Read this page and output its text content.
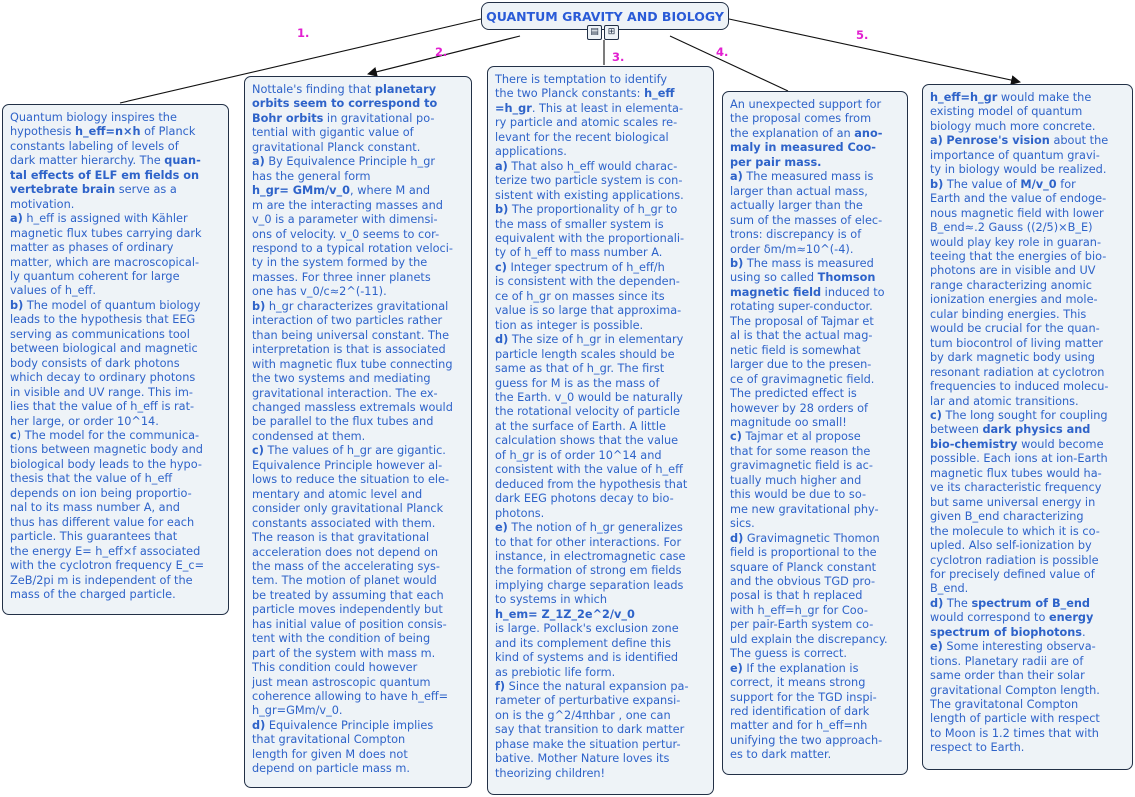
QUANTUM GRAVITY AND BIOLOGY
▤ ⊞
1.
2.	3.	4.
5.

Quantum biology inspires the

hypothesis h_eff=n×h of Planck

constants labeling of levels of

dark matter hierarchy. The quan-

tal effects of ELF em fields on

vertebrate brain serve as a

motivation.

a) h_eff is assigned with Kähler

magnetic flux tubes carrying dark

matter as phases of ordinary

matter, which are macroscopical-

ly quantum coherent for large

values of h_eff.

b) The model of quantum biology

leads to the hypothesis that EEG

serving as communications tool

between biological and magnetic

body consists of dark photons

which decay to ordinary photons

in visible and UV range. This im-

lies that the value of h_eff is rat-

her large, or order 10^14.

c) The model for the communica-

tions between magnetic body and

biological body leads to the hypo-

thesis that the value of h_eff

depends on ion being proportio-

nal to its mass number A, and

thus has different value for each

particle. This guarantees that

the energy E= h_eff×f associated

with the cyclotron frequency E_c=

ZeB/2pi m is independent of the

mass of the charged particle.

Nottale's finding that planetary

orbits seem to correspond to

Bohr orbits in gravitational po-

tential with gigantic value of

gravitational Planck constant.

a) By Equivalence Principle h_gr

has the general form

h_gr= GMm/v_0, where M and

m are the interacting masses and

v_0 is a parameter with dimensi-

ons of velocity. v_0 seems to cor-

respond to a typical rotation veloci-

ty in the system formed by the

masses. For three inner planets

one has v_0/c≈2^(-11).

b) h_gr characterizes gravitational

interaction of two particles rather

than being universal constant. The

interpretation is that is associated

with magnetic flux tube connecting

the two systems and mediating

gravitational interaction. The ex-

changed massless extremals would

be parallel to the flux tubes and

condensed at them.

c) The values of h_gr are gigantic.

Equivalence Principle however al-

lows to reduce the situation to ele-

mentary and atomic level and

consider only gravitational Planck

constants associated with them.

The reason is that gravitational

acceleration does not depend on

the mass of the accelerating sys-

tem. The motion of planet would

be treated by assuming that each

particle moves independently but

has initial value of position consis-

tent with the condition of being

part of the system with mass m.

This condition could however

just mean astroscopic quantum

coherence allowing to have h_eff=

h_gr=GMm/v_0.

d) Equivalence Principle implies

that gravitational Compton

length for given M does not

depend on particle mass m.

There is temptation to identify

the two Planck constants: h_eff

=h_gr. This at least in elementa-

ry particle and atomic scales re-

levant for the recent biological

applications.

a) That also h_eff would charac-

terize two particle system is con-

sistent with existing applications.

b) The proportionality of h_gr to

the mass of smaller system is

equivalent with the proportionali-

ty of h_eff to mass number A.

c) Integer spectrum of h_eff/h

is consistent with the dependen-

ce of h_gr on masses since its

value is so large that approxima-

tion as integer is possible.

d) The size of h_gr in elementary

particle length scales should be

same as that of h_gr. The first

guess for M is as the mass of

the Earth. v_0 would be naturally

the rotational velocity of particle

at the surface of Earth. A little

calculation shows that the value

of h_gr is of order 10^14 and

consistent with the value of h_eff

deduced from the hypothesis that

dark EEG photons decay to bio-

photons.

e) The notion of h_gr generalizes

to that for other interactions. For

instance, in electromagnetic case

the formation of strong em fields

implying charge separation leads

to systems in which

h_em= Z_1Z_2e^2/v_0

is large. Pollack's exclusion zone

and its complement define this

kind of systems and is identified

as prebiotic life form.

f) Since the natural expansion pa-

rameter of perturbative expansi-

on is the g^2/4πhbar , one can

say that transition to dark matter

phase make the situation pertur-

bative. Mother Nature loves its

theorizing children!

An unexpected support for

the proposal comes from

the explanation of an ano-

maly in measured Coo-

per pair mass.

a) The measured mass is

larger than actual mass,

actually larger than the

sum of the masses of elec-

trons: discrepancy is of

order δm/m≈10^(-4).

b) The mass is measured

using so called Thomson

magnetic field induced to

rotating super-conductor.

The proposal of Tajmar et

al is that the actual mag-

netic field is somewhat

larger due to the presen-

ce of gravimagnetic field.

The predicted effect is

however by 28 orders of

magnitude oo small!

c) Tajmar et al propose

that for some reason the

gravimagnetic field is ac-

tually much higher and

this would be due to so-

me new gravitational phy-

sics.

d) Gravimagnetic Thomon

field is proportional to the

square of Planck constant

and the obvious TGD pro-

posal is that h replaced

with h_eff=h_gr for Coo-

per pair-Earth system co-

uld explain the discrepancy.

The guess is correct.

e) If the explanation is

correct, it means strong

support for the TGD inspi-

red identification of dark

matter and for h_eff=nh

unifying the two approach-

es to dark matter.

h_eff=h_gr would make the

existing model of quantum

biology much more concrete.

a) Penrose's vision about the

importance of quantum gravi-

ty in biology would be realized.

b) The value of M/v_0 for

Earth and the value of endoge-

nous magnetic field with lower

B_end≈.2 Gauss ((2/5)×B_E)

would play key role in guaran-

teeing that the energies of bio-

photons are in visible and UV

range characterizing anomic

ionization energies and mole-

cular binding energies. This

would be crucial for the quan-

tum biocontrol of living matter

by dark magnetic body using

resonant radiation at cyclotron

frequencies to induced molecu-

lar and atomic transitions.

c) The long sought for coupling

between dark physics and

bio-chemistry would become

possible. Each ions at ion-Earth

magnetic flux tubes would ha-

ve its characteristic frequency

but same universal energy in

given B_end characterizing

the molecule to which it is co-

upled. Also self-ionization by

cyclotron radiation is possible

for precisely defined value of

B_end.

d) The spectrum of B_end

would correspond to energy

spectrum of biophotons.

e) Some interesting observa-

tions. Planetary radii are of

same order than their solar

gravitational Compton length.

The gravitatonal Compton

length of particle with respect

to Moon is 1.2 times that with

respect to Earth.
